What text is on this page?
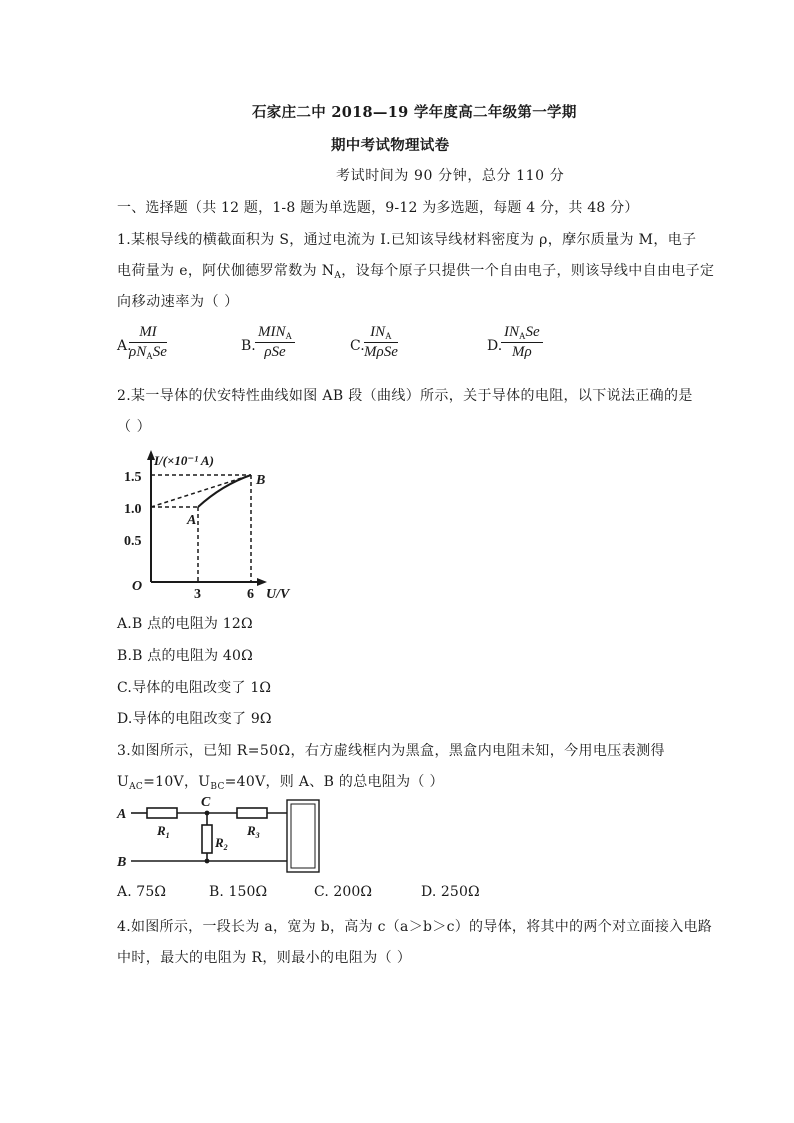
石家庄二中 2018—19 学年度高二年级第一学期
期中考试物理试卷
考试时间为 90 分钟，总分 110 分
一、选择题（共 12 题，1-8 题为单选题，9-12 为多选题，每题 4 分，共 48 分）
1.某根导线的横截面积为 S，通过电流为 I.已知该导线材料密度为 ρ，摩尔质量为 M，电子
电荷量为 e，阿伏伽德罗常数为 $N_A$，设每个原子只提供一个自由电子，则该导线中自由电子定
向移动速率为（ ）
A.
MI
$\rho N_ASe$	B.
$MIN_A$
ρSe	C.
$IN_A$
MρSe	D.
$IN_ASe$
Mρ
2.某一导体的伏安特性曲线如图 AB 段（曲线）所示，关于导体的电阻，以下说法正确的是
（ ）
I/(×10⁻¹ A)
U/V
O
1.5
1.0
0.5
3	6
A
B
A.B 点的电阻为 12Ω
B.B 点的电阻为 40Ω
C.导体的电阻改变了 1Ω
D.导体的电阻改变了 9Ω
3.如图所示，已知 R=50Ω，右方虚线框内为黑盒，黑盒内电阻未知，今用电压表测得
$U_{AC}=10V$，$U_{BC}=40V$，则 A、B 的总电阻为（ ）
A
B
C
$R_1$	$R_2$
$R_3$
A. 75Ω	B. 150Ω	C. 200Ω	D. 250Ω
4.如图所示，一段长为 a，宽为 b，高为 c（a＞b＞c）的导体，将其中的两个对立面接入电路
中时，最大的电阻为 R，则最小的电阻为（ ）
